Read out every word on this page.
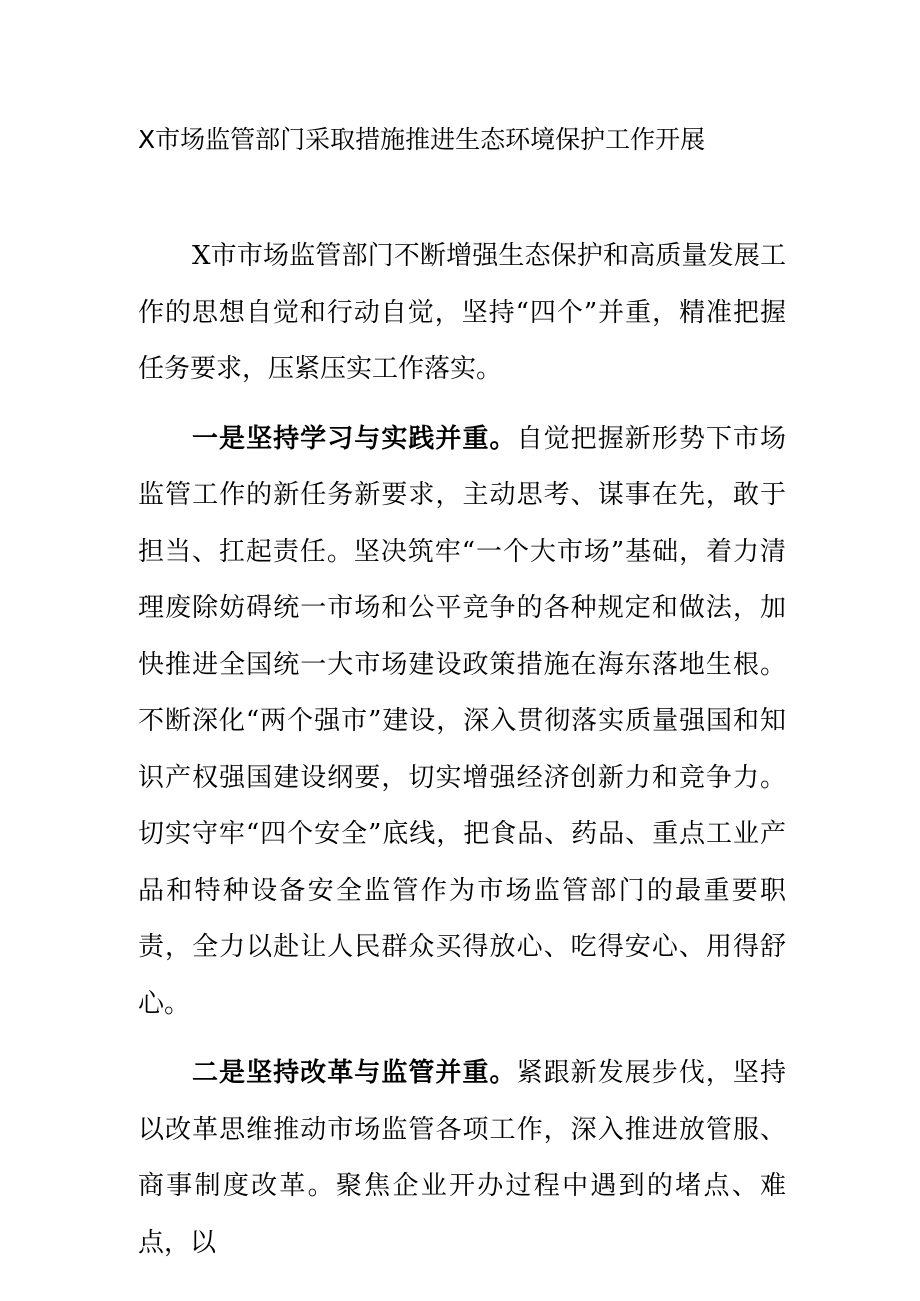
X市场监管部门采取措施推进生态环境保护工作开展

X市市场监管部门不断增强生态保护和高质量发展工作的思想自觉和行动自觉，坚持“四个”并重，精准把握任务要求，压紧压实工作落实。

一是坚持学习与实践并重。自觉把握新形势下市场监管工作的新任务新要求，主动思考、谋事在先，敢于担当、扛起责任。坚决筑牢“一个大市场”基础，着力清理废除妨碍统一市场和公平竞争的各种规定和做法，加快推进全国统一大市场建设政策措施在海东落地生根。不断深化“两个强市”建设，深入贯彻落实质量强国和知识产权强国建设纲要，切实增强经济创新力和竞争力。切实守牢“四个安全”底线，把食品、药品、重点工业产品和特种设备安全监管作为市场监管部门的最重要职责，全力以赴让人民群众买得放心、吃得安心、用得舒心。

二是坚持改革与监管并重。紧跟新发展步伐，坚持以改革思维推动市场监管各项工作，深入推进放管服、商事制度改革。聚焦企业开办过程中遇到的堵点、难点，以
